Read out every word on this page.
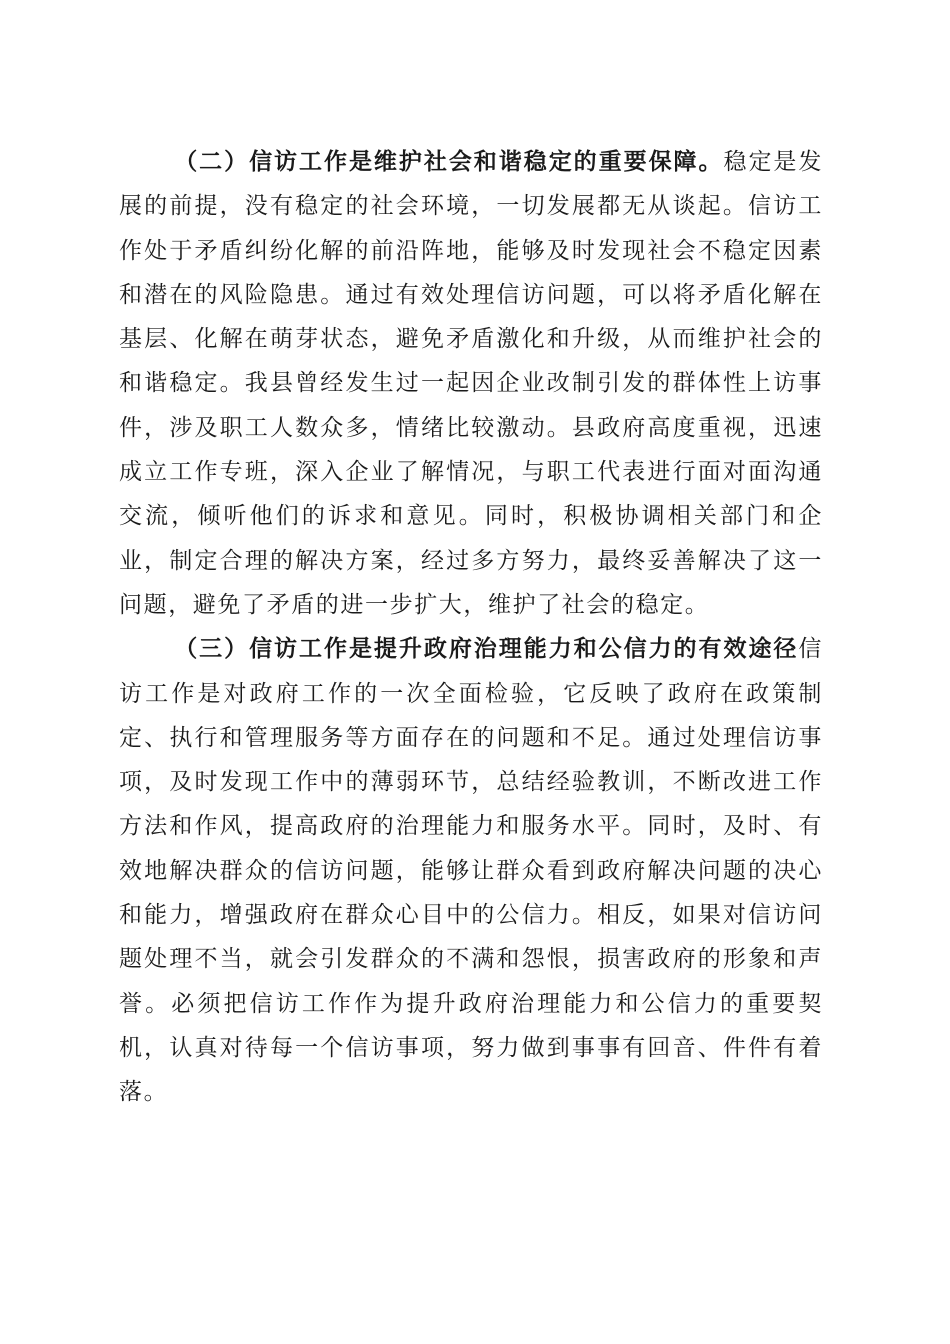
（二）信访工作是维护社会和谐稳定的重要保障。稳定是发展的前提，没有稳定的社会环境，一切发展都无从谈起。信访工作处于矛盾纠纷化解的前沿阵地，能够及时发现社会不稳定因素和潜在的风险隐患。通过有效处理信访问题，可以将矛盾化解在基层、化解在萌芽状态，避免矛盾激化和升级，从而维护社会的和谐稳定。我县曾经发生过一起因企业改制引发的群体性上访事件，涉及职工人数众多，情绪比较激动。县政府高度重视，迅速成立工作专班，深入企业了解情况，与职工代表进行面对面沟通交流，倾听他们的诉求和意见。同时，积极协调相关部门和企业，制定合理的解决方案，经过多方努力，最终妥善解决了这一问题，避免了矛盾的进一步扩大，维护了社会的稳定。

（三）信访工作是提升政府治理能力和公信力的有效途径信访工作是对政府工作的一次全面检验，它反映了政府在政策制定、执行和管理服务等方面存在的问题和不足。通过处理信访事项，及时发现工作中的薄弱环节，总结经验教训，不断改进工作方法和作风，提高政府的治理能力和服务水平。同时，及时、有效地解决群众的信访问题，能够让群众看到政府解决问题的决心和能力，增强政府在群众心目中的公信力。相反，如果对信访问题处理不当，就会引发群众的不满和怨恨，损害政府的形象和声誉。必须把信访工作作为提升政府治理能力和公信力的重要契机，认真对待每一个信访事项，努力做到事事有回音、件件有着落。
